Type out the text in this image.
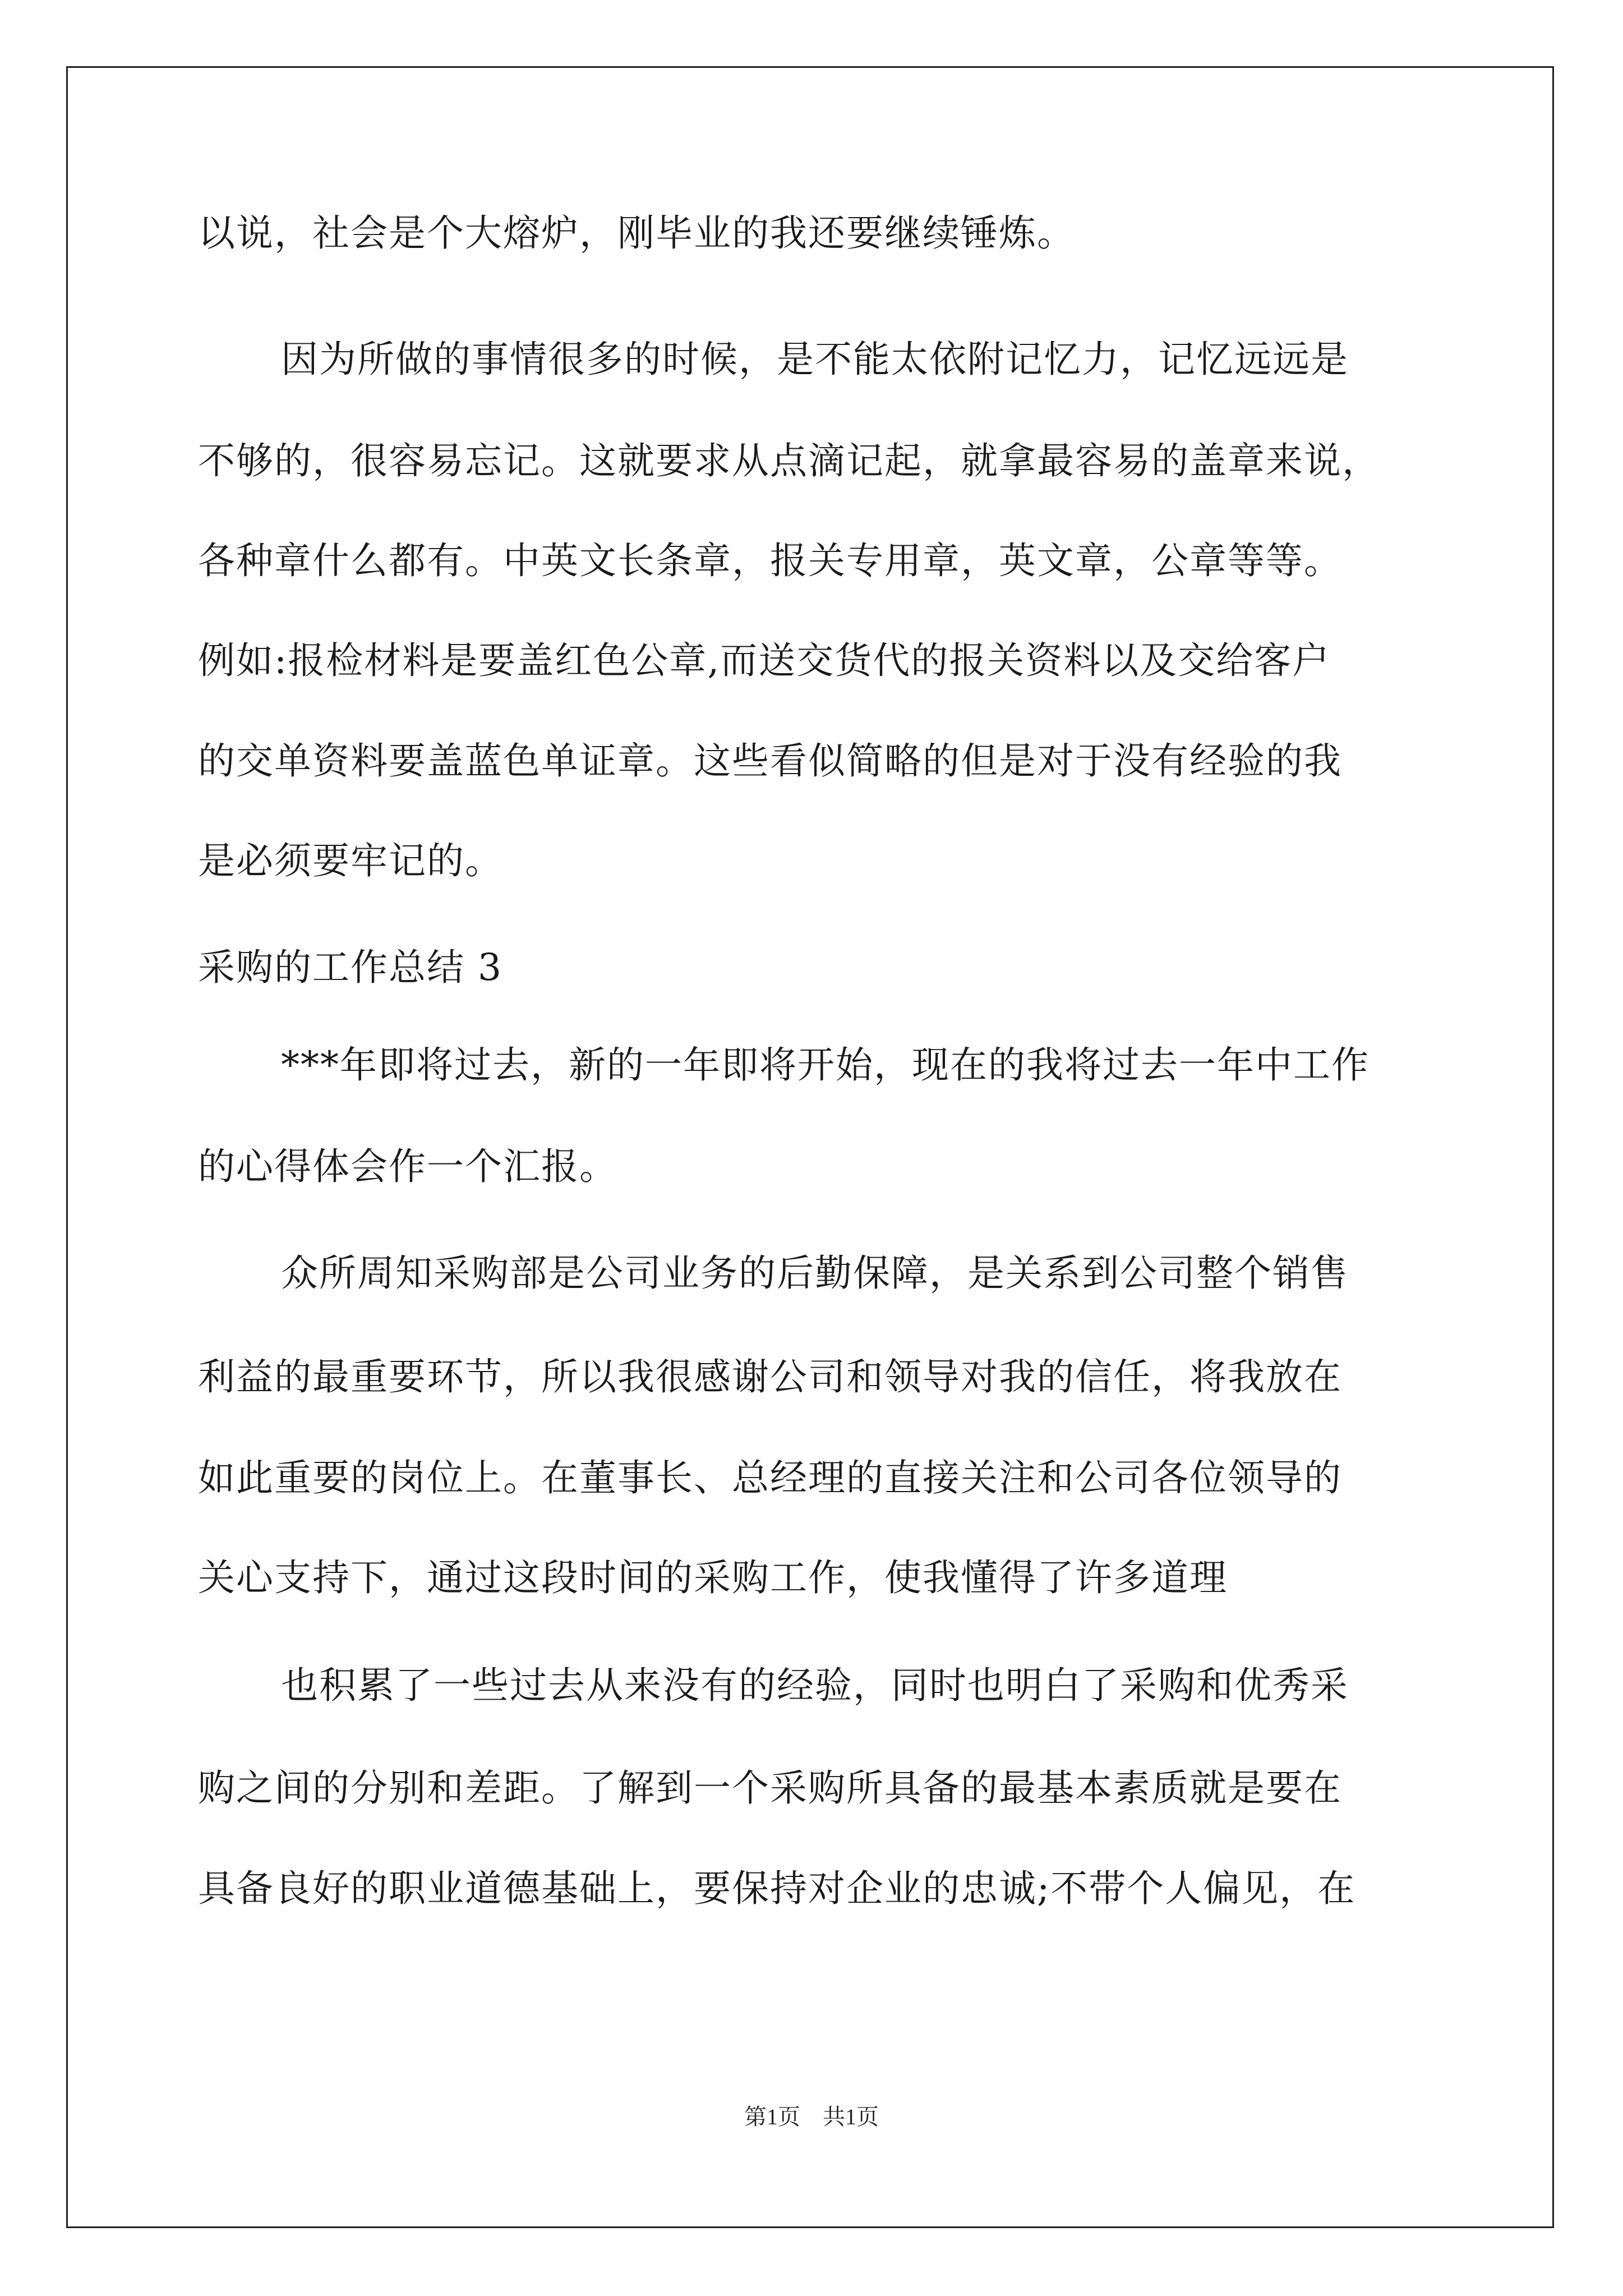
以说，社会是个大熔炉，刚毕业的我还要继续锤炼。
因为所做的事情很多的时候，是不能太依附记忆力，记忆远远是
不够的，很容易忘记。这就要求从点滴记起，就拿最容易的盖章来说，
各种章什么都有。中英文长条章，报关专用章，英文章，公章等等。
例如:报检材料是要盖红色公章,而送交货代的报关资料以及交给客户
的交单资料要盖蓝色单证章。这些看似简略的但是对于没有经验的我
是必须要牢记的。
采购的工作总结 3
***年即将过去，新的一年即将开始，现在的我将过去一年中工作
的心得体会作一个汇报。
众所周知采购部是公司业务的后勤保障，是关系到公司整个销售
利益的最重要环节，所以我很感谢公司和领导对我的信任，将我放在
如此重要的岗位上。在董事长、总经理的直接关注和公司各位领导的
关心支持下，通过这段时间的采购工作，使我懂得了许多道理
也积累了一些过去从来没有的经验，同时也明白了采购和优秀采
购之间的分别和差距。了解到一个采购所具备的最基本素质就是要在
具备良好的职业道德基础上，要保持对企业的忠诚;不带个人偏见，在
第1页　共1页
